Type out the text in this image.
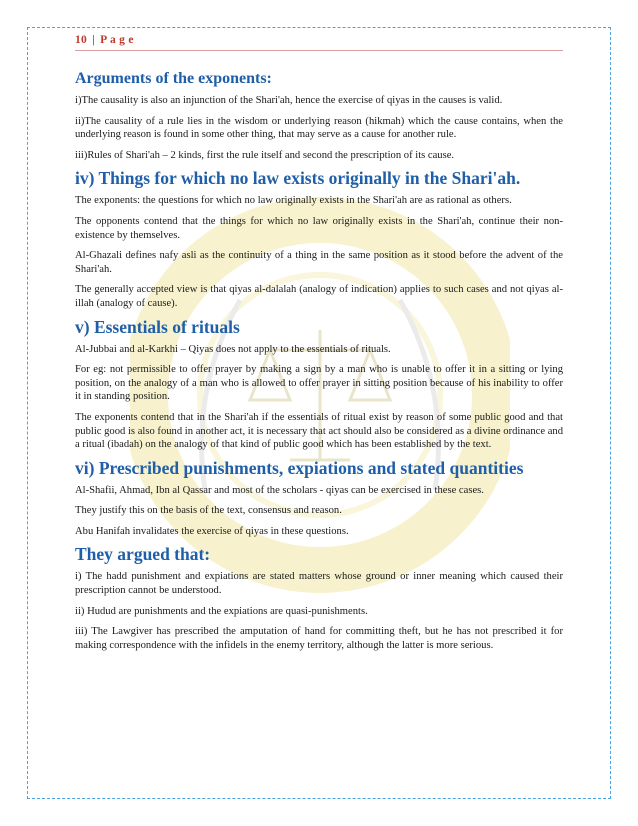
10 | P a g e
Arguments of the exponents:

i)The causality is also an injunction of the Shari'ah, hence the exercise of qiyas in the causes is valid.

ii)The causality of a rule lies in the wisdom or underlying reason (hikmah) which the cause contains, when the underlying reason is found in some other thing, that may serve as a cause for another rule.

iii)Rules of Shari'ah – 2 kinds, first the rule itself and second the prescription of its cause.

iv) Things for which no law exists originally in the Shari'ah.

The exponents: the questions for which no law originally exists in the Shari'ah are as rational as others.

The opponents contend that the things for which no law originally exists in the Shari'ah, continue their non-existence by themselves.

Al-Ghazali defines nafy asli as the continuity of a thing in the same position as it stood before the advent of the Shari'ah.

The generally accepted view is that qiyas al-dalalah (analogy of indication) applies to such cases and not qiyas al-illah (analogy of cause).

v) Essentials of rituals

Al-Jubbai and al-Karkhi – Qiyas does not apply to the essentials of rituals.

For eg: not permissible to offer prayer by making a sign by a man who is unable to offer it in a sitting or lying position, on the analogy of a man who is allowed to offer prayer in sitting position because of his inability to offer it in standing position.

The exponents contend that in the Shari'ah if the essentials of ritual exist by reason of some public good and that public good is also found in another act, it is necessary that act should also be considered as a divine ordinance and a ritual (ibadah) on the analogy of that kind of public good which has been established by the text.

vi) Prescribed punishments, expiations and stated quantities

Al-Shafii, Ahmad, Ibn al Qassar and most of the scholars - qiyas can be exercised in these cases.

They justify this on the basis of the text, consensus and reason.

Abu Hanifah invalidates the exercise of qiyas in these questions.

They argued that:

i) The hadd punishment and expiations are stated matters whose ground or inner meaning which caused their prescription cannot be understood.

ii) Hudud are punishments and the expiations are quasi-punishments.

iii) The Lawgiver has prescribed the amputation of hand for committing theft, but he has not prescribed it for making correspondence with the infidels in the enemy territory, although the latter is more serious.
